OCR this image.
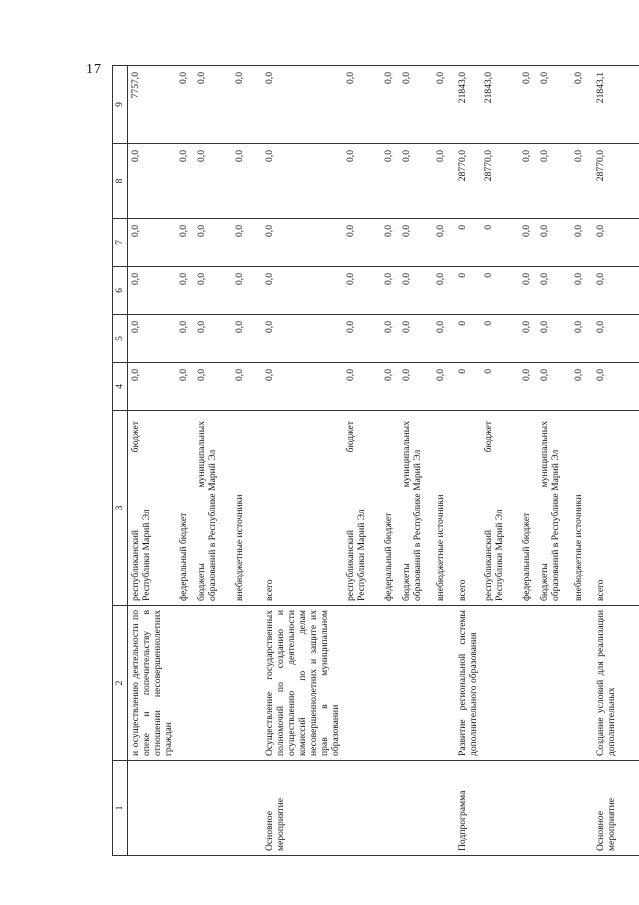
17
1	2	3	4	5	6	7	8	9
	и осуществлению деятельности по опеке и попечительству в отношении несовершеннолетних граждан	республиканский
бюджет
Республики Марий Эл	0,0	0,0	0,0	0,0	0,0	7757,0

		федеральный бюджет	0,0	0,0	0,0	0,0	0,0	0,0

		бюджеты
муниципальных образований в Республике Марий Эл	0,0	0,0	0,0	0,0	0,0	0,0

		внебюджетные источники	0,0	0,0	0,0	0,0	0,0	0,0
Основное мероприятие	Осуществление государственных полномочий по созданию и осуществлению деятельности комиссий по делам несовершеннолетних и защите их прав в муниципальном образовании	всего	0,0	0,0	0,0	0,0	0,0	0,0

		республиканский
бюджет
Республики Марий Эл	0,0	0,0	0,0	0,0	0,0	0,0

		федеральный бюджет	0,0	0,0	0,0	0,0	0,0	0,0

		бюджеты
муниципальных образований в Республике Марий Эл	0,0	0,0	0,0	0,0	0,0	0,0

		внебюджетные источники	0,0	0,0	0,0	0,0	0,0	0,0
Подпрограмма	Развитие региональной системы дополнительного образования	всего	0	0	0	0	28770,0	21843,0

		республиканский
бюджет
Республики Марий Эл	0	0	0	0	28770,0	21843,0

		федеральный бюджет	0,0	0,0	0,0	0,0	0,0	0,0

		бюджеты
муниципальных образований в Республике Марий Эл	0,0	0,0	0,0	0,0	0,0	0,0

		внебюджетные источники	0,0	0,0	0,0	0,0	0,0	0,0
Основное мероприятие	Создание условий для реализации дополнительных	всего	0,0	0,0	0,0	0,0	28770,0	21843,1
